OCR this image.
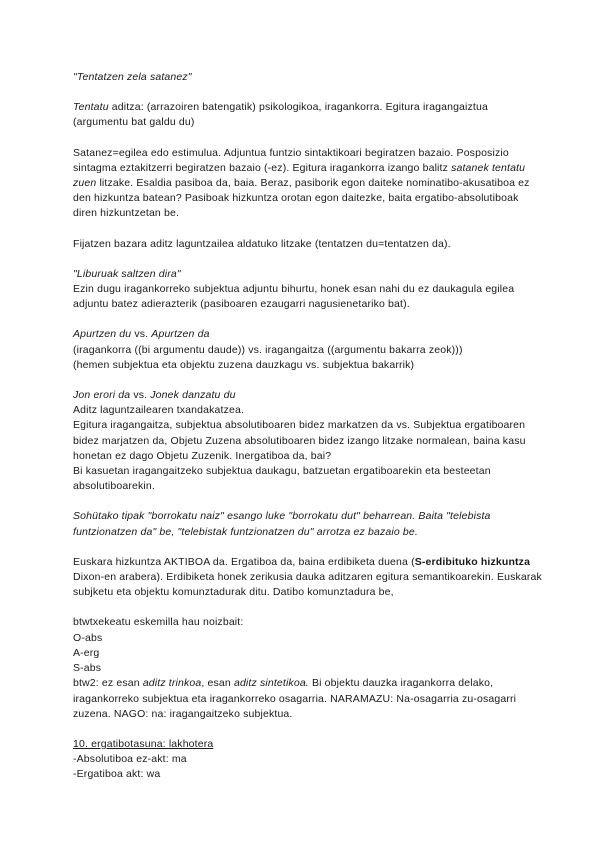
"Tentatzen zela satanez"

Tentatu aditza: (arrazoiren batengatik) psikologikoa, iragankorra. Egitura iragangaiztua (argumentu bat galdu du)

Satanez=egilea edo estimulua. Adjuntua funtzio sintaktikoari begiratzen bazaio. Posposizio sintagma eztakitzerri begiratzen bazaio (-ez). Egitura iragankorra izango balitz satanek tentatu zuen litzake. Esaldia pasiboa da, baia. Beraz, pasiborik egon daiteke nominatibo-akusatiboa ez den hizkuntza batean? Pasiboak hizkuntza orotan egon daitezke, baita ergatibo-absolutiboak diren hizkuntzetan be.

Fijatzen bazara aditz laguntzailea aldatuko litzake (tentatzen du=tentatzen da).

"Liburuak saltzen dira"

Ezin dugu iragankorreko subjektua adjuntu bihurtu, honek esan nahi du ez daukagula egilea adjuntu batez adierazterik (pasiboaren ezaugarri nagusienetariko bat).

Apurtzen du vs. Apurtzen da

(iragankorra ((bi argumentu daude)) vs. iragangaitza ((argumentu bakarra zeok)))

(hemen subjektua eta objektu zuzena dauzkagu vs. subjektua bakarrik)

Jon erori da vs. Jonek danzatu du

Aditz laguntzailearen txandakatzea.

Egitura iragangaitza, subjektua absolutiboaren bidez markatzen da vs. Subjektua ergatiboaren bidez marjatzen da, Objetu Zuzena absolutiboaren bidez izango litzake normalean, baina kasu honetan ez dago Objetu Zuzenik. Inergatiboa da, bai?

Bi kasuetan iragangaitzeko subjektua daukagu, batzuetan ergatiboarekin eta besteetan absolutiboarekin.

Sohütako tipak "borrokatu naiz" esango luke "borrokatu dut" beharrean. Baita "telebista funtzionatzen da" be, "telebistak funtzionatzen du" arrotza ez bazaio be.

Euskara hizkuntza AKTIBOA da. Ergatiboa da, baina erdibiketa duena (S-erdibituko hizkuntza Dixon-en arabera). Erdibiketa honek zerikusia dauka aditzaren egitura semantikoarekin. Euskarak subjketu eta objektu komunztadurak ditu. Datibo komunztadura be,

btwtxekeatu eskemilla hau noizbait:

O-abs

A-erg

S-abs

btw2: ez esan aditz trinkoa, esan aditz sintetikoa. Bi objektu dauzka iragankorra delako, iragankorreko subjektua eta iragankorreko osagarria. NARAMAZU: Na-osagarria zu-osagarri zuzena. NAGO: na: iragangaitzeko subjektua.

10. ergatibotasuna: lakhotera

-Absolutiboa ez-akt: ma

-Ergatiboa akt: wa
